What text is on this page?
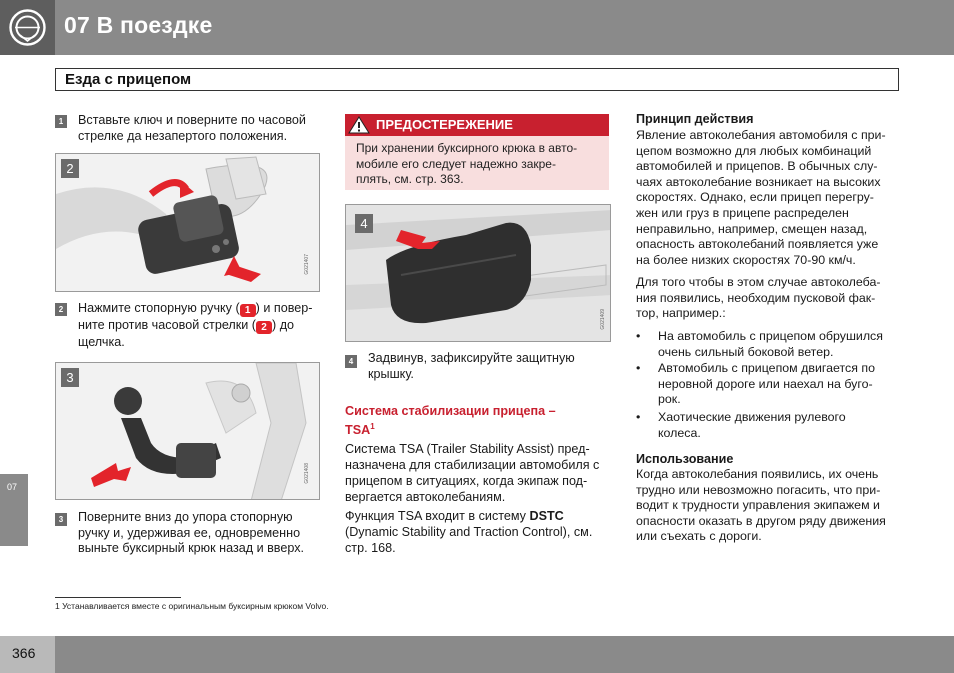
07 В поездке
Езда с прицепом
1	Вставьте ключ и поверните по часовой
стрелке да незапертого положения.
2
G021407
2	Нажмите стопорную ручку ( 1 ) и повер-
ните против часовой стрелки ( 2 ) до
щелчка.
3
G021408
3	Поверните вниз до упора стопорную
ручку и, удерживая ее, одновременно
выньте буксирный крюк назад и вверх.
ПРЕДОСТЕРЕЖЕНИЕ
При хранении буксирного крюка в авто-
мобиле его следует надежно закре-
плять, см. стр. 363.
4
G021409
4	Задвинув, зафиксируйте защитную
крышку.
Система стабилизации прицепа –
TSA$^1$
Система TSA (Trailer Stability Assist) пред-
назначена для стабилизации автомобиля с
прицепом в ситуациях, когда экипаж под-
вергается автоколебаниям.
Функция TSA входит в систему DSTC
(Dynamic Stability and Traction Control), см.
стр. 168.
Принцип действия
Явление автоколебания автомобиля с при-
цепом возможно для любых комбинаций
автомобилей и прицепов. В обычных слу-
чаях автоколебание возникает на высоких
скоростях. Однако, если прицеп перегру-
жен или груз в прицепе распределен
неправильно, например, смещен назад,
опасность автоколебаний появляется уже
на более низких скоростях 70-90 км/ч.
Для того чтобы в этом случае автоколеба-
ния появились, необходим пусковой фак-
тор, например.:
• На автомобиль с прицепом обрушился
очень сильный боковой ветер.
• Автомобиль с прицепом двигается по
неровной дороге или наехал на буго-
рок.
• Хаотические движения рулевого
колеса.
Использование
Когда автоколебания появились, их очень
трудно или невозможно погасить, что при-
водит к трудности управления экипажем и
опасности оказать в другом ряду движения
или съехать с дороги.
07
1 Устанавливается вместе с оригинальным буксирным крюком Volvo.
366
